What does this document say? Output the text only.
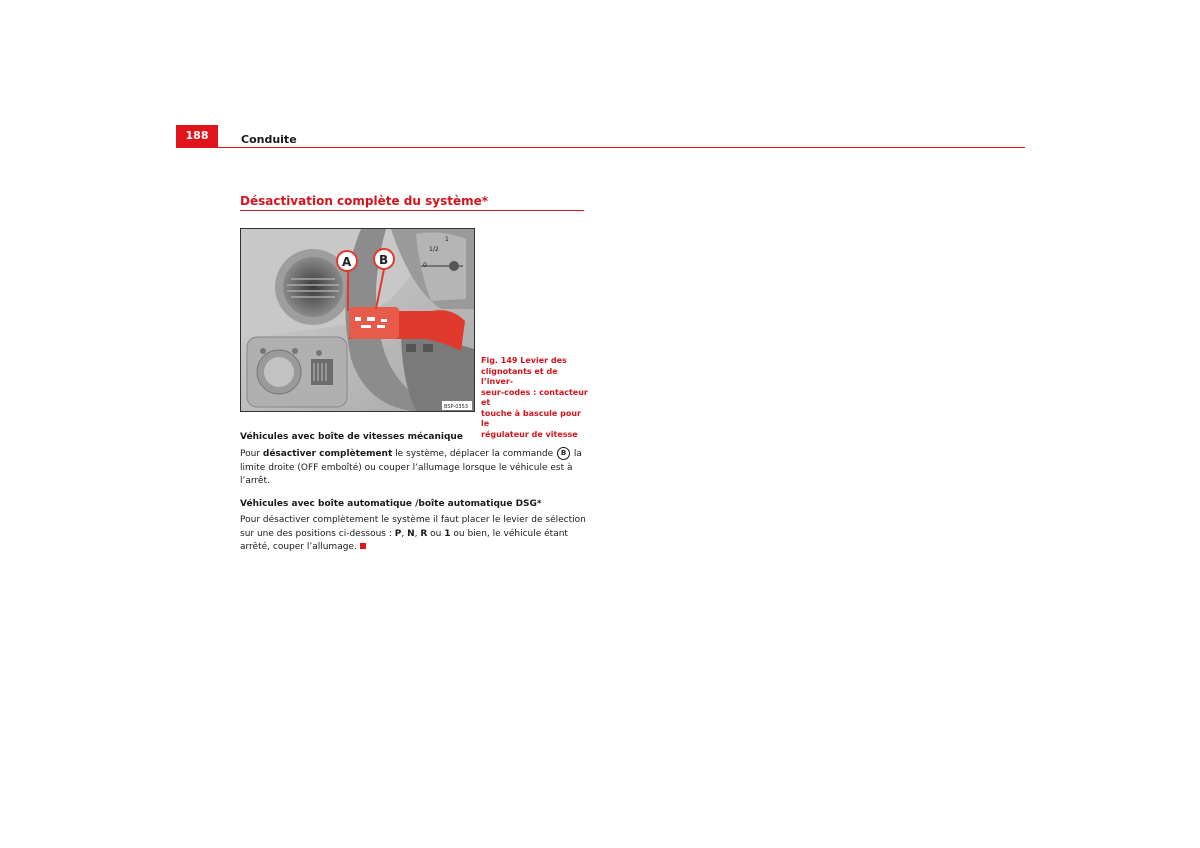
188	Conduite
Désactivation complète du système*
1
1/2
0
A B
BSP-0353
Fig. 149 Levier des
clignotants et de l’inver-
seur-codes : contacteur et
touche à bascule pour le
régulateur de vitesse
Véhicules avec boîte de vitesses mécanique
Pour désactiver complètement le système, déplacer la commande B la
limite droite (OFF emboîté) ou couper l’allumage lorsque le véhicule est à
l’arrêt.
Véhicules avec boîte automatique /boîte automatique DSG*
Pour désactiver complètement le système il faut placer le levier de sélection
sur une des positions ci-dessous : P, N, R ou 1 ou bien, le véhicule étant
arrêté, couper l’allumage.
